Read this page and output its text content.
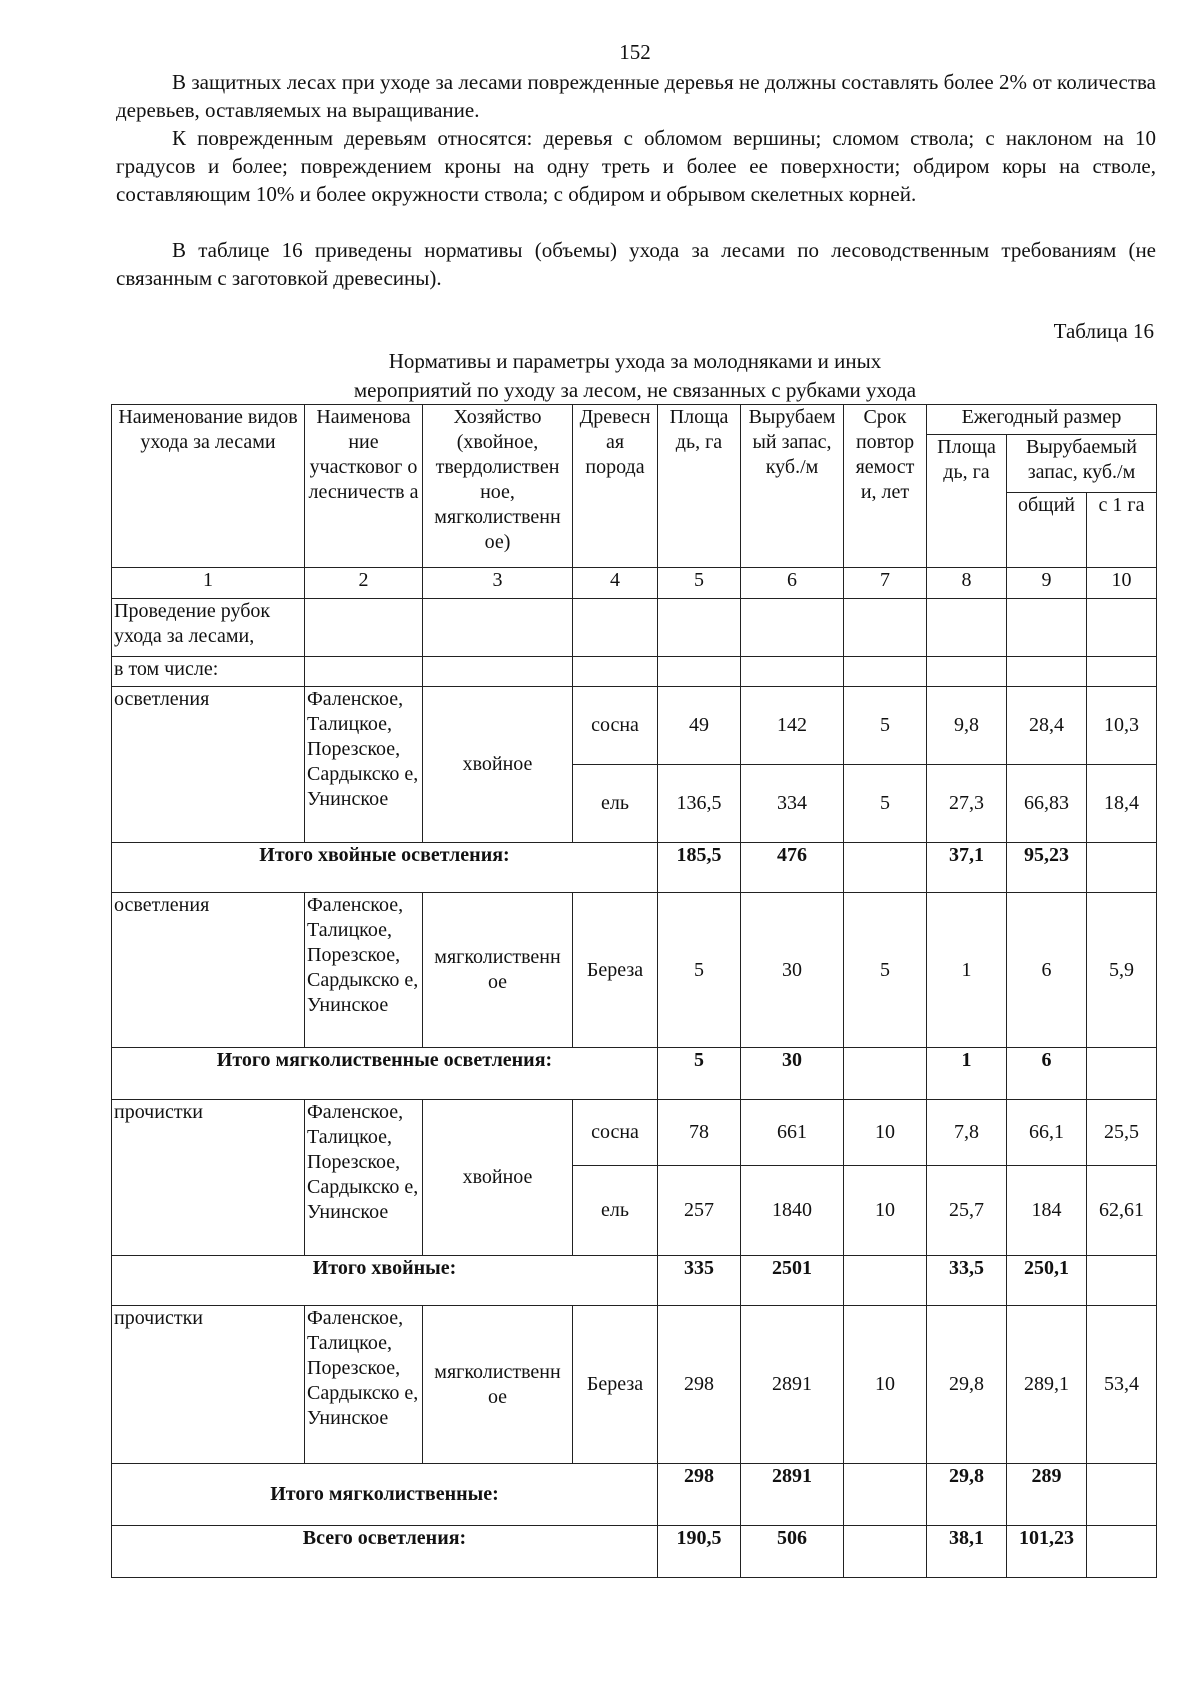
152

В защитных лесах при уходе за лесами поврежденные деревья не должны составлять более 2% от количества деревьев, оставляемых на выращивание.

К поврежденным деревьям относятся: деревья с обломом вершины; сломом ствола; с наклоном на 10 градусов и более; повреждением кроны на одну треть и более ее поверхности; обдиром коры на стволе, составляющим 10% и более окружности ствола; с обдиром и обрывом скелетных корней.

В таблице 16 приведены нормативы (объемы) ухода за лесами по лесоводственным требованиям (не связанным с заготовкой древесины).

Таблица 16
Нормативы и параметры ухода за молодняками и иных
мероприятий по уходу за лесом, не связанных с рубками ухода
Наименование видов ухода за лесами	Наименова ние участковог о лесничеств а	Хозяйство (хвойное, твердолиствен ное, мягколиственн ое)	Древесн ая порода	Площа дь, га	Вырубаем ый запас, куб./м	Срок повтор яемост и, лет	Ежегодный размер		
							Площа дь, га	Вырубаемый запас, куб./м	
								общий	с 1 га
1	2	3	4	5	6	7	8	9	10
Проведение рубок ухода за лесами,									
в том числе:									
осветления	Фаленское, Талицкое, Порезское, Сардыкско е, Унинское	хвойное	сосна	49	142	5	9,8	28,4	10,3
			ель	136,5	334	5	27,3	66,83	18,4
Итого хвойные осветления:				185,5	476		37,1	95,23	
осветления	Фаленское, Талицкое, Порезское, Сардыкско е, Унинское	мягколиственн ое	Береза	5	30	5	1	6	5,9
Итого мягколиственные осветления:				5	30		1	6	
прочистки	Фаленское, Талицкое, Порезское, Сардыкско е, Унинское	хвойное	сосна	78	661	10	7,8	66,1	25,5
			ель	257	1840	10	25,7	184	62,61
Итого хвойные:				335	2501		33,5	250,1	
прочистки	Фаленское, Талицкое, Порезское, Сардыкско е, Унинское	мягколиственн ое	Береза	298	2891	10	29,8	289,1	53,4
Итого мягколиственные:				298	2891		29,8	289	
Всего осветления:				190,5	506		38,1	101,23	
